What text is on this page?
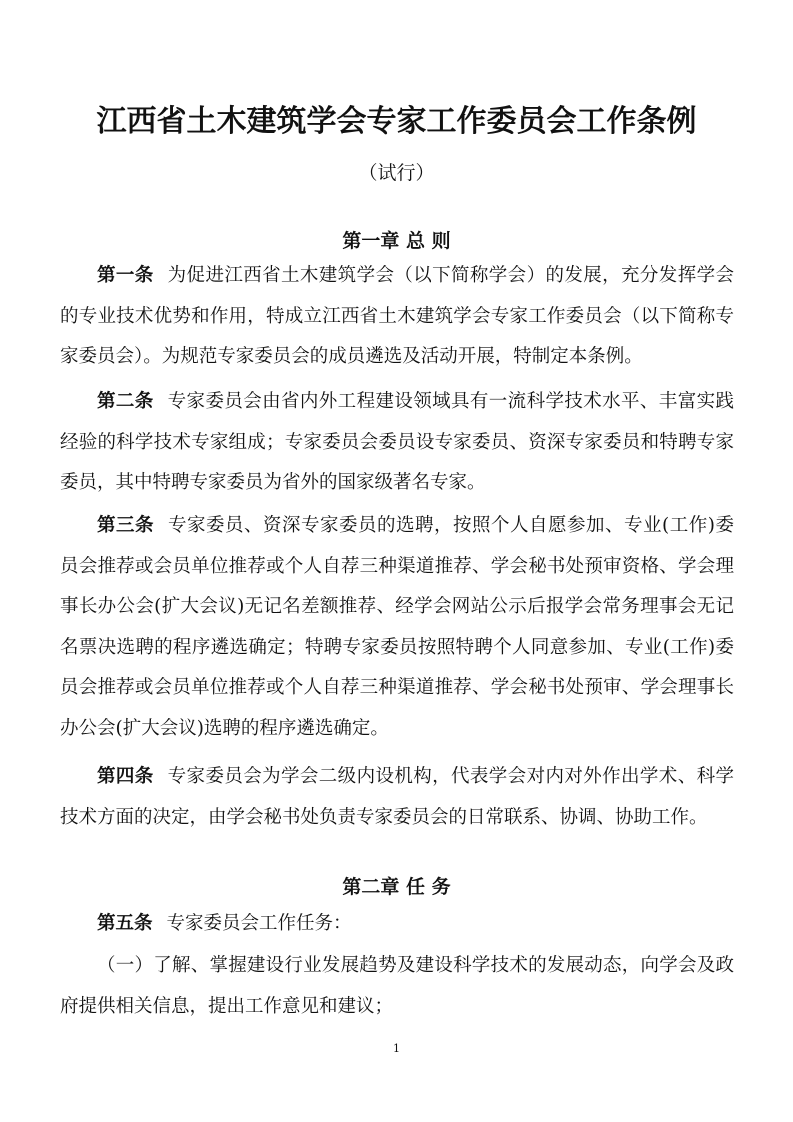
江西省土木建筑学会专家工作委员会工作条例

（试行）

第一章 总 则

第一条 为促进江西省土木建筑学会（以下简称学会）的发展，充分发挥学会的专业技术优势和作用，特成立江西省土木建筑学会专家工作委员会（以下简称专家委员会）。为规范专家委员会的成员遴选及活动开展，特制定本条例。

第二条 专家委员会由省内外工程建设领域具有一流科学技术水平、丰富实践经验的科学技术专家组成；专家委员会委员设专家委员、资深专家委员和特聘专家委员，其中特聘专家委员为省外的国家级著名专家。

第三条 专家委员、资深专家委员的选聘，按照个人自愿参加、专业(工作)委员会推荐或会员单位推荐或个人自荐三种渠道推荐、学会秘书处预审资格、学会理事长办公会(扩大会议)无记名差额推荐、经学会网站公示后报学会常务理事会无记名票决选聘的程序遴选确定；特聘专家委员按照特聘个人同意参加、专业(工作)委员会推荐或会员单位推荐或个人自荐三种渠道推荐、学会秘书处预审、学会理事长办公会(扩大会议)选聘的程序遴选确定。

第四条 专家委员会为学会二级内设机构，代表学会对内对外作出学术、科学技术方面的决定，由学会秘书处负责专家委员会的日常联系、协调、协助工作。

第二章 任 务

第五条 专家委员会工作任务：

（一）了解、掌握建设行业发展趋势及建设科学技术的发展动态，向学会及政府提供相关信息，提出工作意见和建议；

1
